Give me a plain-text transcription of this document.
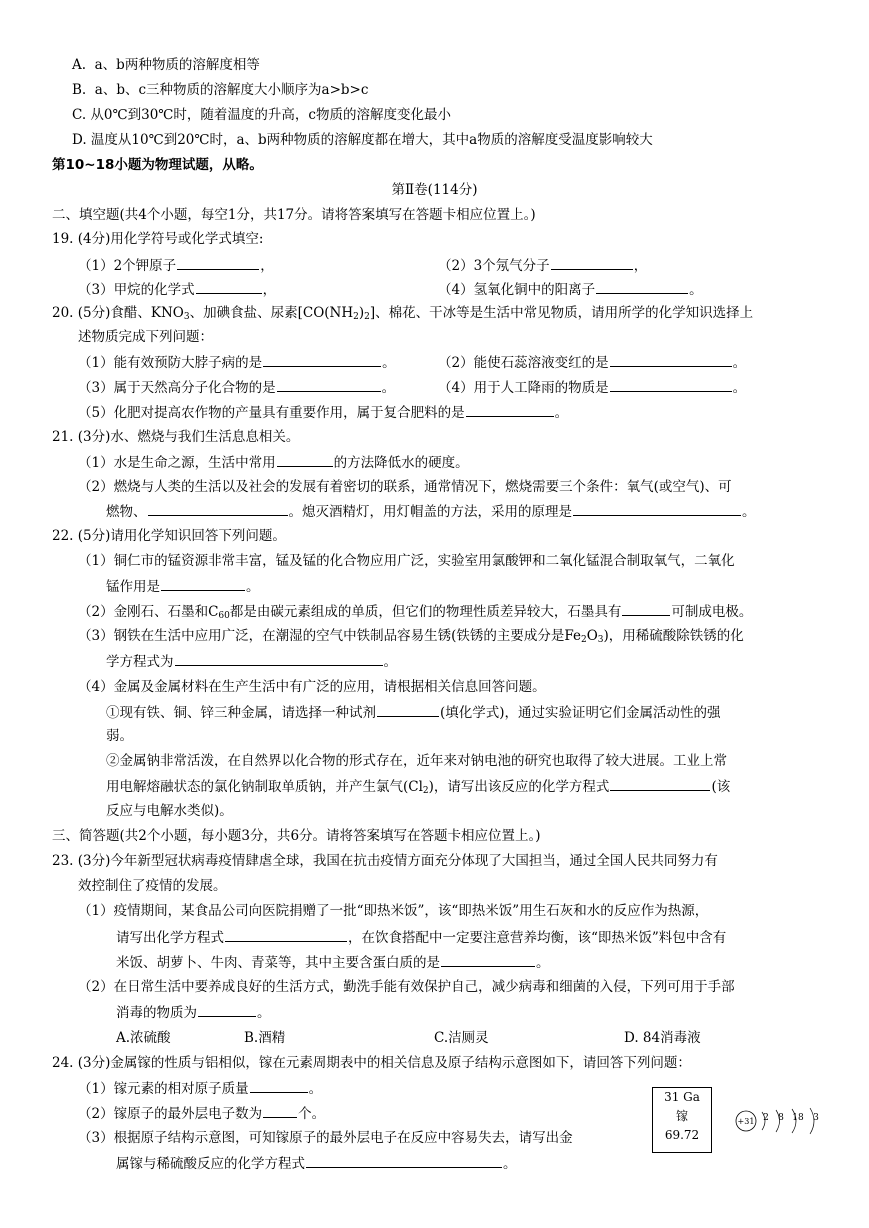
A.  a、b两种物质的溶解度相等
B.  a、b、c三种物质的溶解度大小顺序为a>b>c
C. 从0℃到30℃时，随着温度的升高，c物质的溶解度变化最小
D. 温度从10℃到20℃时，a、b两种物质的溶解度都在增大，其中a物质的溶解度受温度影响较大
第10~18小题为物理试题，从略。
第Ⅱ卷(114分)
二、填空题(共4个小题，每空1分，共17分。请将答案填写在答题卡相应位置上。)
19. (4分)用化学符号或化学式填空:
（1）2个钾原子	，	（2）3个氖气分子	，
（3）甲烷的化学式	，	（4）氢氧化铜中的阳离子	。
20. (5分)食醋、$KNO_3$、加碘食盐、尿素$[CO(NH_2)_2]$、棉花、干冰等是生活中常见物质，请用所学的化学知识选择上
述物质完成下列问题：
（1）能有效预防大脖子病的是	。	（2）能使石蕊溶液变红的是	。
（3）属于天然高分子化合物的是	。	（4）用于人工降雨的物质是	。
（5）化肥对提高农作物的产量具有重要作用，属于复合肥料的是	。
21. (3分)水、燃烧与我们生活息息相关。
（1）水是生命之源，生活中常用	的方法降低水的硬度。
（2）燃烧与人类的生活以及社会的发展有着密切的联系，通常情况下，燃烧需要三个条件：氧气(或空气)、可
燃物、	。熄灭酒精灯，用灯帽盖的方法，采用的原理是	。
22. (5分)请用化学知识回答下列问题。
（1）铜仁市的锰资源非常丰富，锰及锰的化合物应用广泛，实验室用氯酸钾和二氧化锰混合制取氧气，二氧化
锰作用是	。
（2）金刚石、石墨和$C_{60}$都是由碳元素组成的单质，但它们的物理性质差异较大，石墨具有	可制成电极。
（3）钢铁在生活中应用广泛，在潮湿的空气中铁制品容易生锈(铁锈的主要成分是$Fe_2O_3$)，用稀硫酸除铁锈的化
学方程式为	。
（4）金属及金属材料在生产生活中有广泛的应用，请根据相关信息回答问题。
①现有铁、铜、锌三种金属，请选择一种试剂	(填化学式)，通过实验证明它们金属活动性的强
弱。
②金属钠非常活泼，在自然界以化合物的形式存在，近年来对钠电池的研究也取得了较大进展。工业上常
用电解熔融状态的氯化钠制取单质钠，并产生氯气$(Cl_2)$，请写出该反应的化学方程式	(该
反应与电解水类似)。
三、简答题(共2个小题，每小题3分，共6分。请将答案填写在答题卡相应位置上。)
23. (3分)今年新型冠状病毒疫情肆虐全球，我国在抗击疫情方面充分体现了大国担当，通过全国人民共同努力有
效控制住了疫情的发展。
（1）疫情期间，某食品公司向医院捐赠了一批“即热米饭”，该“即热米饭”用生石灰和水的反应作为热源，
请写出化学方程式	，在饮食搭配中一定要注意营养均衡，该“即热米饭”料包中含有
米饭、胡萝卜、牛肉、青菜等，其中主要含蛋白质的是	。
（2）在日常生活中要养成良好的生活方式，勤洗手能有效保护自己，减少病毒和细菌的入侵，下列可用于手部
消毒的物质为	。
A.浓硫酸	B.酒精	C.洁厕灵	D. 84消毒液
24. (3分)金属镓的性质与铝相似，镓在元素周期表中的相关信息及原子结构示意图如下，请回答下列问题：
（1）镓元素的相对原子质量	。
（2）镓原子的最外层电子数为	个。
（3）根据原子结构示意图，可知镓原子的最外层电子在反应中容易失去，请写出金
属镓与稀硫酸反应的化学方程式	。
31 Ga
镓
69.72
+31 2 8 18 3
